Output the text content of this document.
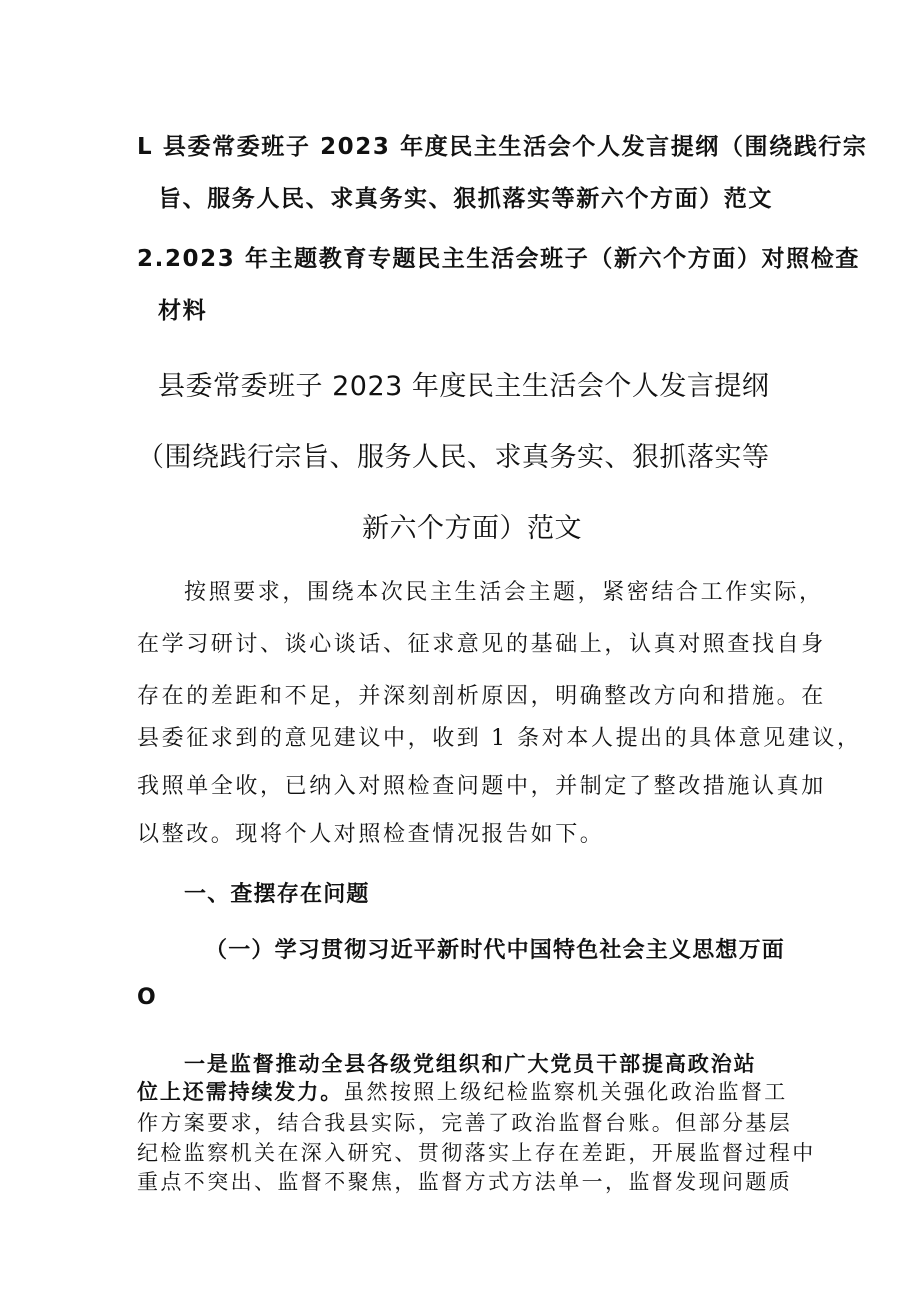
L 县委常委班子 2023 年度民主生活会个人发言提纲（围绕践行宗

旨、服务人民、求真务实、狠抓落实等新六个方面）范文

2.2023 年主题教育专题民主生活会班子（新六个方面）对照检查

材料

县委常委班子 2023 年度民主生活会个人发言提纲

（围绕践行宗旨、服务人民、求真务实、狠抓落实等

新六个方面）范文

按照要求，围绕本次民主生活会主题，紧密结合工作实际，

在学习研讨、谈心谈话、征求意见的基础上，认真对照查找自身

存在的差距和不足，并深刻剖析原因，明确整改方向和措施。在

县委征求到的意见建议中，收到 1 条对本人提出的具体意见建议，

我照单全收，已纳入对照检查问题中，并制定了整改措施认真加

以整改。现将个人对照检查情况报告如下。

一、查摆存在问题

（一）学习贯彻习近平新时代中国特色社会主义思想万面

O

一是监督推动全县各级党组织和广大党员干部提高政治站

位上还需持续发力。虽然按照上级纪检监察机关强化政治监督工

作方案要求，结合我县实际，完善了政治监督台账。但部分基层

纪检监察机关在深入研究、贯彻落实上存在差距，开展监督过程中

重点不突出、监督不聚焦，监督方式方法单一，监督发现问题质
